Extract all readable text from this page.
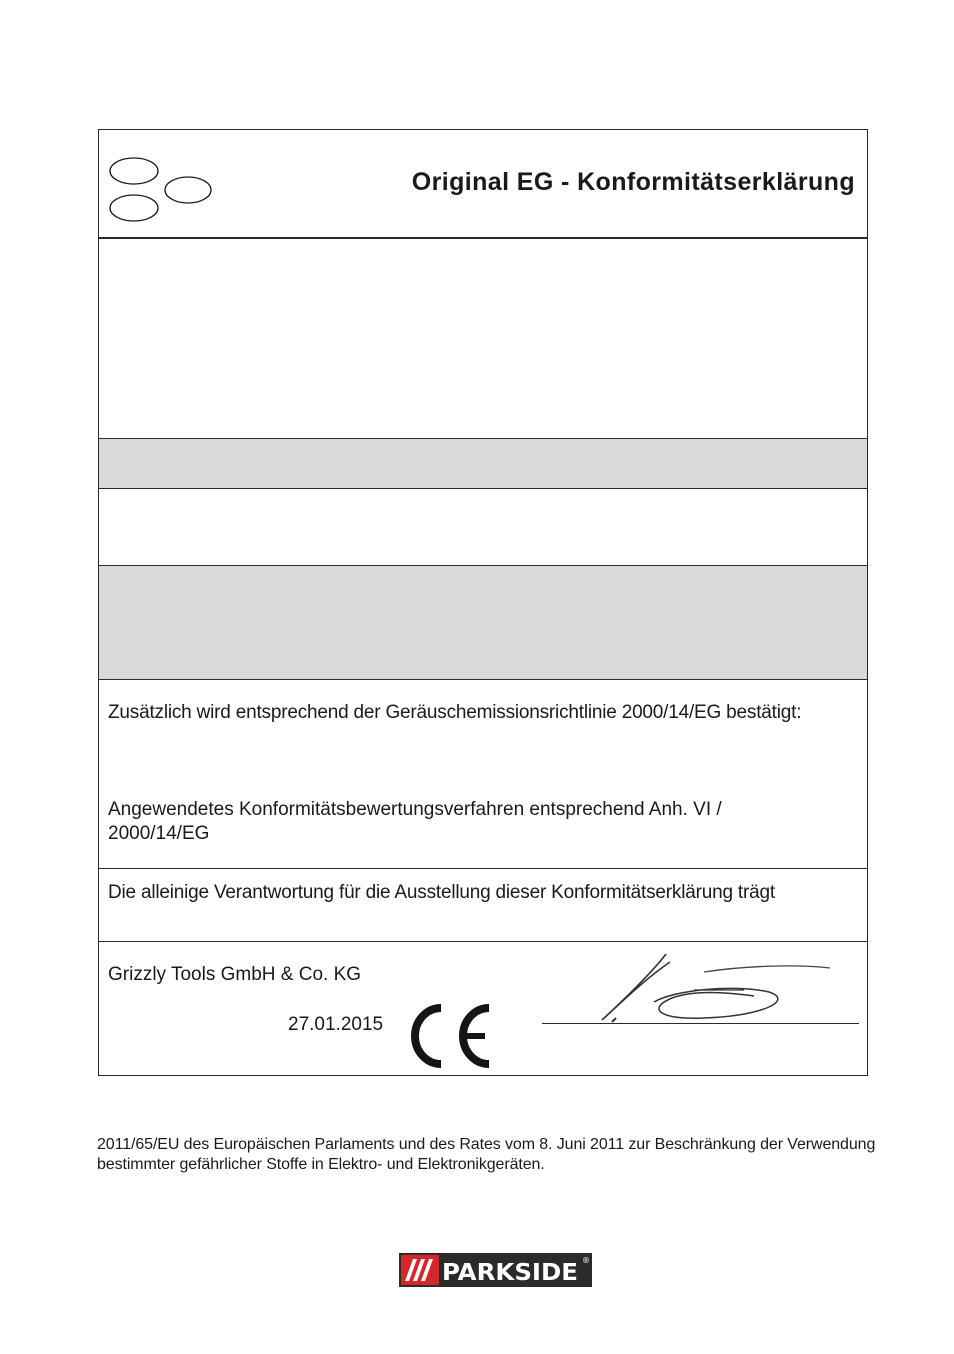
Original EG - Konformitätserklärung
Zusätzlich wird entsprechend der Geräuschemissionsrichtlinie 2000/14/EG bestätigt:
Angewendetes Konformitätsbewertungsverfahren entsprechend Anh. VI / 2000/14/EG
Die alleinige Verantwortung für die Ausstellung dieser Konformitätserklärung trägt
Grizzly Tools GmbH & Co. KG
27.01.2015
2011/65/EU des Europäischen Parlaments und des Rates vom 8. Juni 2011 zur Beschränkung der Verwendung bestimmter gefährlicher Stoffe in Elektro- und Elektronikgeräten.
PARKSIDE ®
